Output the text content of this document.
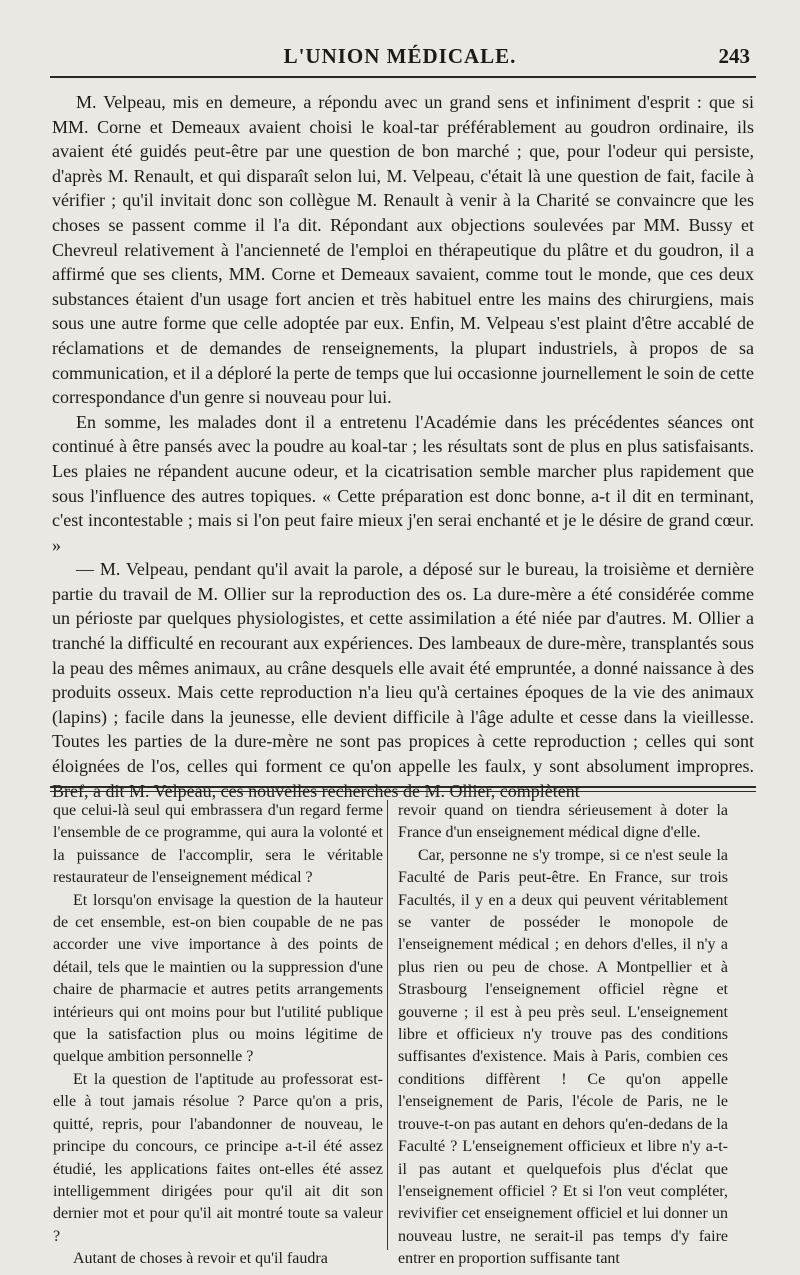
L'UNION MÉDICALE.	243

M. Velpeau, mis en demeure, a répondu avec un grand sens et infiniment d'esprit : que si MM. Corne et Demeaux avaient choisi le koal-tar préférablement au goudron ordinaire, ils avaient été guidés peut-être par une question de bon marché ; que, pour l'odeur qui persiste, d'après M. Renault, et qui disparaît selon lui, M. Velpeau, c'était là une question de fait, facile à vérifier ; qu'il invitait donc son collègue M. Renault à venir à la Charité se convaincre que les choses se passent comme il l'a dit. Répondant aux objections soulevées par MM. Bussy et Chevreul relativement à l'ancienneté de l'emploi en thérapeutique du plâtre et du goudron, il a affirmé que ses clients, MM. Corne et Demeaux savaient, comme tout le monde, que ces deux substances étaient d'un usage fort ancien et très habituel entre les mains des chirurgiens, mais sous une autre forme que celle adoptée par eux. Enfin, M. Velpeau s'est plaint d'être accablé de réclamations et de demandes de renseignements, la plupart industriels, à propos de sa communication, et il a déploré la perte de temps que lui occasionne journellement le soin de cette correspondance d'un genre si nouveau pour lui.

En somme, les malades dont il a entretenu l'Académie dans les précédentes séances ont continué à être pansés avec la poudre au koal-tar ; les résultats sont de plus en plus satisfaisants. Les plaies ne répandent aucune odeur, et la cicatrisation semble marcher plus rapidement que sous l'influence des autres topiques. « Cette préparation est donc bonne, a-t il dit en terminant, c'est incontestable ; mais si l'on peut faire mieux j'en serai enchanté et je le désire de grand cœur. »

— M. Velpeau, pendant qu'il avait la parole, a déposé sur le bureau, la troisième et dernière partie du travail de M. Ollier sur la reproduction des os. La dure-mère a été considérée comme un périoste par quelques physiologistes, et cette assimilation a été niée par d'autres. M. Ollier a tranché la difficulté en recourant aux expériences. Des lambeaux de dure-mère, transplantés sous la peau des mêmes animaux, au crâne desquels elle avait été empruntée, a donné naissance à des produits osseux. Mais cette reproduction n'a lieu qu'à certaines époques de la vie des animaux (lapins) ; facile dans la jeunesse, elle devient difficile à l'âge adulte et cesse dans la vieillesse. Toutes les parties de la dure-mère ne sont pas propices à cette reproduction ; celles qui sont éloignées de l'os, celles qui forment ce qu'on appelle les faulx, y sont absolument impropres. Bref, a dit M. Velpeau, ces nouvelles recherches de M. Ollier, complètent

que celui-là seul qui embrassera d'un regard ferme l'ensemble de ce programme, qui aura la volonté et la puissance de l'accomplir, sera le véritable restaurateur de l'enseignement médical ?

Et lorsqu'on envisage la question de la hauteur de cet ensemble, est-on bien coupable de ne pas accorder une vive importance à des points de détail, tels que le maintien ou la suppression d'une chaire de pharmacie et autres petits arrangements intérieurs qui ont moins pour but l'utilité publique que la satisfaction plus ou moins légitime de quelque ambition personnelle ?

Et la question de l'aptitude au professorat est-elle à tout jamais résolue ? Parce qu'on a pris, quitté, repris, pour l'abandonner de nouveau, le principe du concours, ce principe a-t-il été assez étudié, les applications faites ont-elles été assez intelligemment dirigées pour qu'il ait dit son dernier mot et pour qu'il ait montré toute sa valeur ?

Autant de choses à revoir et qu'il faudra

revoir quand on tiendra sérieusement à doter la France d'un enseignement médical digne d'elle.

Car, personne ne s'y trompe, si ce n'est seule la Faculté de Paris peut-être. En France, sur trois Facultés, il y en a deux qui peuvent véritablement se vanter de posséder le monopole de l'enseignement médical ; en dehors d'elles, il n'y a plus rien ou peu de chose. A Montpellier et à Strasbourg l'enseignement officiel règne et gouverne ; il est à peu près seul. L'enseignement libre et officieux n'y trouve pas des conditions suffisantes d'existence. Mais à Paris, combien ces conditions diffèrent ! Ce qu'on appelle l'enseignement de Paris, l'école de Paris, ne le trouve-t-on pas autant en dehors qu'en-dedans de la Faculté ? L'enseignement officieux et libre n'y a-t-il pas autant et quelquefois plus d'éclat que l'enseignement officiel ? Et si l'on veut compléter, revivifier cet enseignement officiel et lui donner un nouveau lustre, ne serait-il pas temps d'y faire entrer en proportion suffisante tant
